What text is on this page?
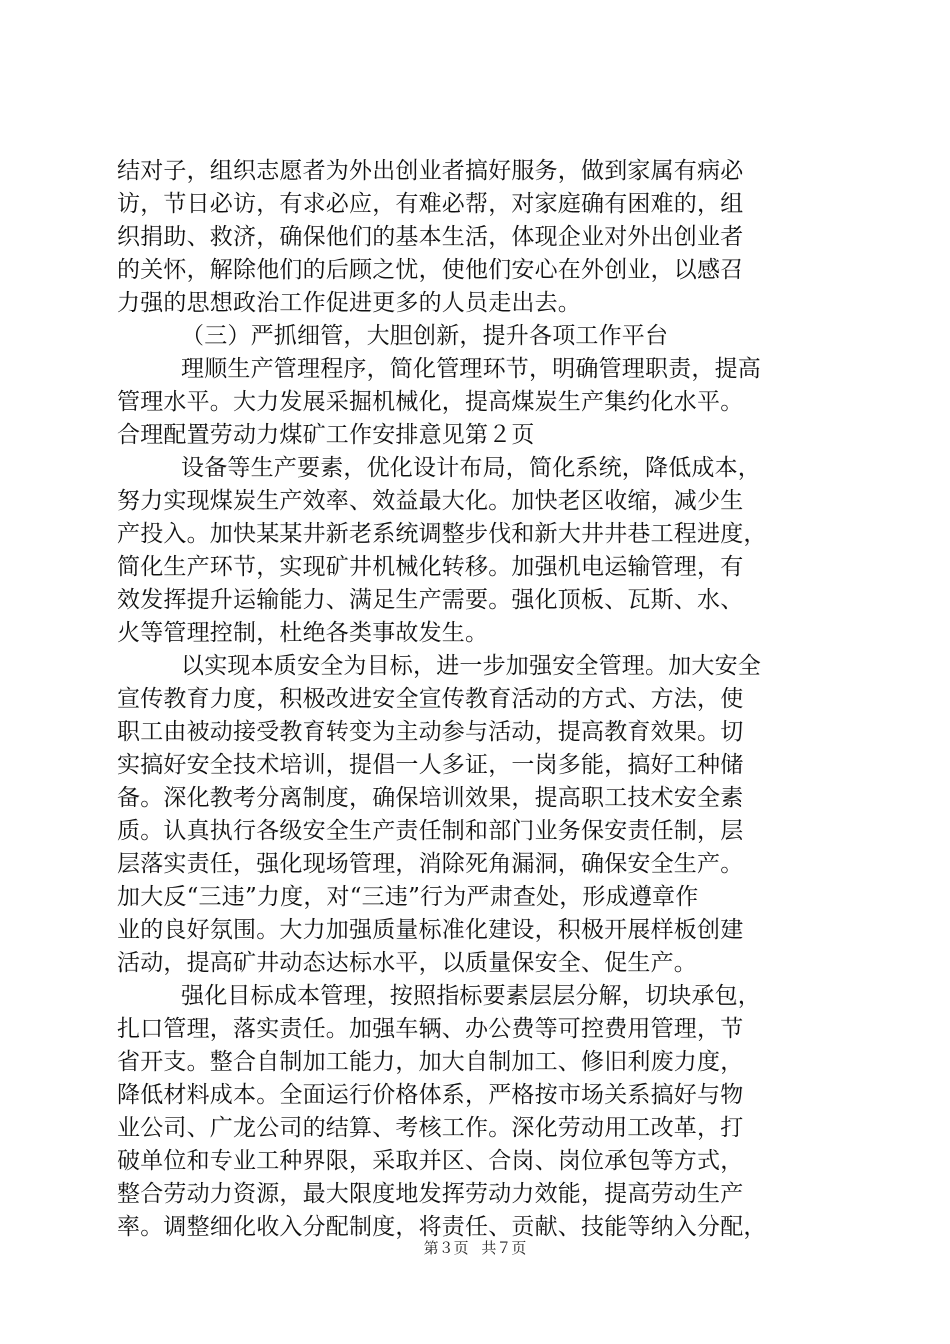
结对子，组织志愿者为外出创业者搞好服务，做到家属有病必
访，节日必访，有求必应，有难必帮，对家庭确有困难的，组
织捐助、救济，确保他们的基本生活，体现企业对外出创业者
的关怀，解除他们的后顾之忧，使他们安心在外创业，以感召
力强的思想政治工作促进更多的人员走出去。
（三）严抓细管，大胆创新，提升各项工作平台
理顺生产管理程序，简化管理环节，明确管理职责，提高
管理水平。大力发展采掘机械化，提高煤炭生产集约化水平。
合理配置劳动力煤矿工作安排意见第２页
设备等生产要素，优化设计布局，简化系统，降低成本，
努力实现煤炭生产效率、效益最大化。加快老区收缩，减少生
产投入。加快某某井新老系统调整步伐和新大井井巷工程进度，
简化生产环节，实现矿井机械化转移。加强机电运输管理，有
效发挥提升运输能力、满足生产需要。强化顶板、瓦斯、水、
火等管理控制，杜绝各类事故发生。
以实现本质安全为目标，进一步加强安全管理。加大安全
宣传教育力度，积极改进安全宣传教育活动的方式、方法，使
职工由被动接受教育转变为主动参与活动，提高教育效果。切
实搞好安全技术培训，提倡一人多证，一岗多能，搞好工种储
备。深化教考分离制度，确保培训效果，提高职工技术安全素
质。认真执行各级安全生产责任制和部门业务保安责任制，层
层落实责任，强化现场管理，消除死角漏洞，确保安全生产。
加大反“三违”力度，对“三违”行为严肃查处，形成遵章作
业的良好氛围。大力加强质量标准化建设，积极开展样板创建
活动，提高矿井动态达标水平，以质量保安全、促生产。
强化目标成本管理，按照指标要素层层分解，切块承包，
扎口管理，落实责任。加强车辆、办公费等可控费用管理，节
省开支。整合自制加工能力，加大自制加工、修旧利废力度，
降低材料成本。全面运行价格体系，严格按市场关系搞好与物
业公司、广龙公司的结算、考核工作。深化劳动用工改革，打
破单位和专业工种界限，采取并区、合岗、岗位承包等方式，
整合劳动力资源，最大限度地发挥劳动力效能，提高劳动生产
率。调整细化收入分配制度，将责任、贡献、技能等纳入分配，
第３页 共７页
